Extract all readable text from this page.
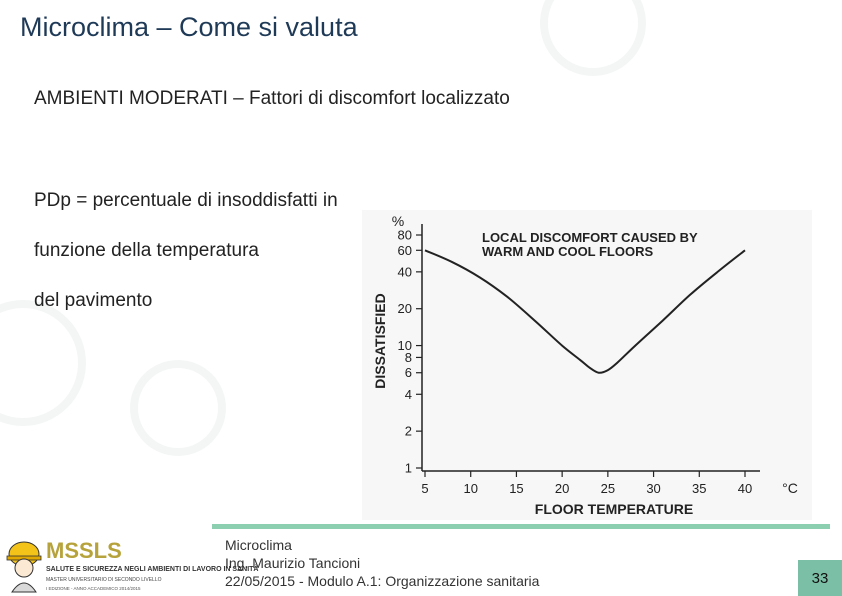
Microclima – Come si valuta
AMBIENTI MODERATI – Fattori di discomfort localizzato
PDp = percentuale di insoddisfatti in
funzione della temperatura
del pavimento
5	10 15 20 25 30 35 40
1
2
4
6
8
10
20
40
60
80	LOCAL DISCOMFORT CAUSED BY
WARM AND COOL FLOORS
%
DISSATISFIED
°C
FLOOR TEMPERATURE
MSSLS
SALUTE E SICUREZZA NEGLI AMBIENTI DI LAVORO IN SANITÀ
MASTER UNIVERSITARIO DI SECONDO LIVELLO
I EDIZIONE - ANNO ACCADEMICO 2014/2015
Microclima
Ing. Maurizio Tancioni
22/05/2015 - Modulo A.1: Organizzazione sanitaria	33
